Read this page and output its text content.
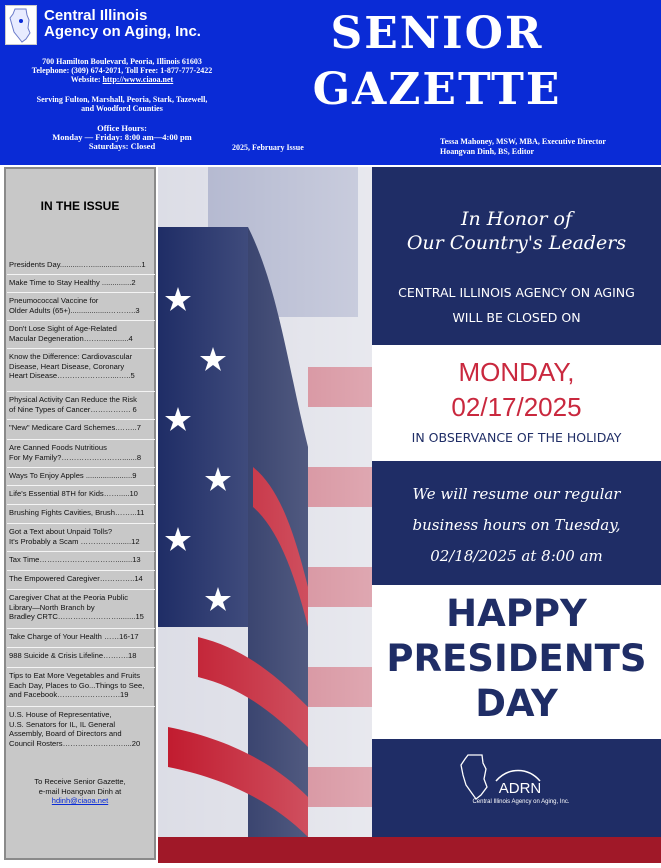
Central Illinois
Agency on Aging, Inc.
700 Hamilton Boulevard, Peoria, Illinois 61603
Telephone: (309) 674-2071, Toll Free: 1-877-777-2422
Website: http://www.ciaoa.net
Serving Fulton, Marshall, Peoria, Stark, Tazewell,
and Woodford Counties
Office Hours:
Monday — Friday: 8:00 am—4:00 pm
Saturdays: Closed
SENIOR
GAZETTE
2025, February Issue
Tessa Mahoney, MSW, MBA, Executive Director
Hoangvan Dinh, BS, Editor
IN THE ISSUE
Presidents Day...........…........................1
Make Time to Stay Healthy ..............2
Pneumococcal Vaccine for
Older Adults (65+)..................………..3
Don't Lose Sight of Age-Related
Macular Degeneration……..............4
Know the Difference: Cardiovascular
Disease, Heart Disease, Coronary
Heart Disease…………………....…..5
Physical Activity Can Reduce the Risk
of Nine Types of Cancer……………. 6
"New" Medicare Card Schemes.……..7
Are Canned Foods Nutritious
For My Family?…………………….......8
Ways To Enjoy Apples ......................9
Life's Essential 8TH for Kids…….....10
Brushing Fights Cavities, Brush……...11
Got a Text about Unpaid Tolls?
It's Probably a Scam ……………......12
Tax Time…………………………........13
The Empowered Caregiver…………..14
Caregiver Chat at the Peoria Public
Library—North Branch by
Bradley CRTC……………………........15
Take Charge of Your Health ……16-17
988 Suicide & Crisis Lifeline……….18
Tips to Eat More Vegetables and Fruits
Each Day, Places to Go...Things to See,
and Facebook…………………….19
U.S. House of Representative,
U.S. Senators for IL, IL General
Assembly, Board of Directors and
Council Rosters……………………....20
To Receive Senior Gazette,
e-mail Hoangvan Dinh at
hdinh@ciaoa.net
In Honor of
Our Country's Leaders
CENTRAL ILLINOIS AGENCY ON AGING
WILL BE CLOSED ON
MONDAY,
02/17/2025
IN OBSERVANCE OF THE HOLIDAY
We will resume our regular
business hours on Tuesday,
02/18/2025 at 8:00 am
HAPPY
PRESIDENTS
DAY
ADRN
Central Illinois Agency on Aging, Inc.
